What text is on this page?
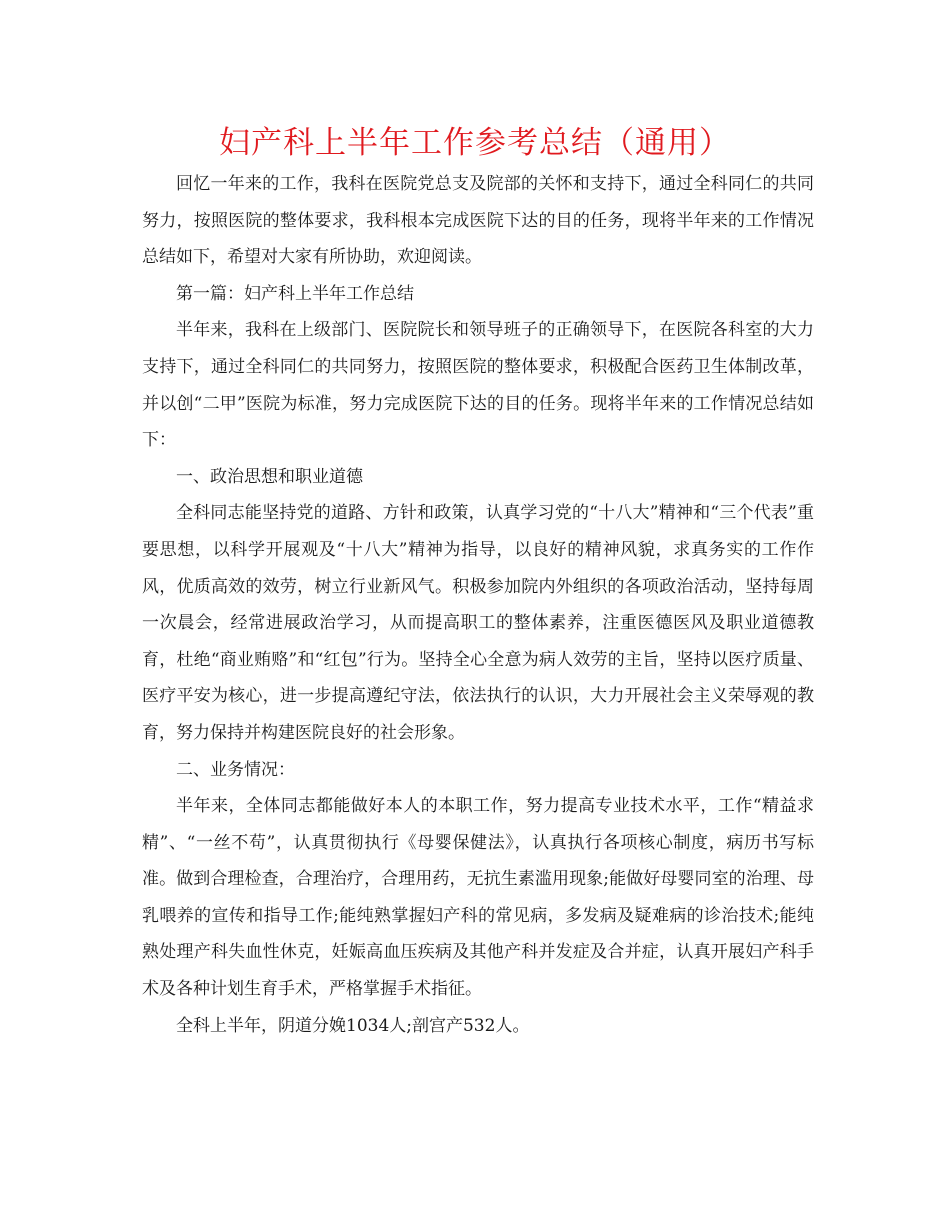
妇产科上半年工作参考总结（通用）

回忆一年来的工作，我科在医院党总支及院部的关怀和支持下，通过全科同仁的共同努力，按照医院的整体要求，我科根本完成医院下达的目的任务，现将半年来的工作情况总结如下，希望对大家有所协助，欢迎阅读。

第一篇：妇产科上半年工作总结

半年来，我科在上级部门、医院院长和领导班子的正确领导下，在医院各科室的大力支持下，通过全科同仁的共同努力，按照医院的整体要求，积极配合医药卫生体制改革，并以创“二甲”医院为标准，努力完成医院下达的目的任务。现将半年来的工作情况总结如下：

一、政治思想和职业道德

全科同志能坚持党的道路、方针和政策，认真学习党的“十八大”精神和“三个代表”重要思想，以科学开展观及“十八大”精神为指导，以良好的精神风貌，求真务实的工作作风，优质高效的效劳，树立行业新风气。积极参加院内外组织的各项政治活动，坚持每周一次晨会，经常进展政治学习，从而提高职工的整体素养，注重医德医风及职业道德教育，杜绝“商业贿赂”和“红包”行为。坚持全心全意为病人效劳的主旨，坚持以医疗质量、医疗平安为核心，进一步提高遵纪守法，依法执行的认识，大力开展社会主义荣辱观的教育，努力保持并构建医院良好的社会形象。

二、业务情况：

半年来，全体同志都能做好本人的本职工作，努力提高专业技术水平，工作“精益求精”、“一丝不苟”，认真贯彻执行《母婴保健法》，认真执行各项核心制度，病历书写标准。做到合理检查，合理治疗，合理用药，无抗生素滥用现象;能做好母婴同室的治理、母乳喂养的宣传和指导工作;能纯熟掌握妇产科的常见病，多发病及疑难病的诊治技术;能纯熟处理产科失血性休克，妊娠高血压疾病及其他产科并发症及合并症，认真开展妇产科手术及各种计划生育手术，严格掌握手术指征。

全科上半年，阴道分娩1034人;剖宫产532人。
